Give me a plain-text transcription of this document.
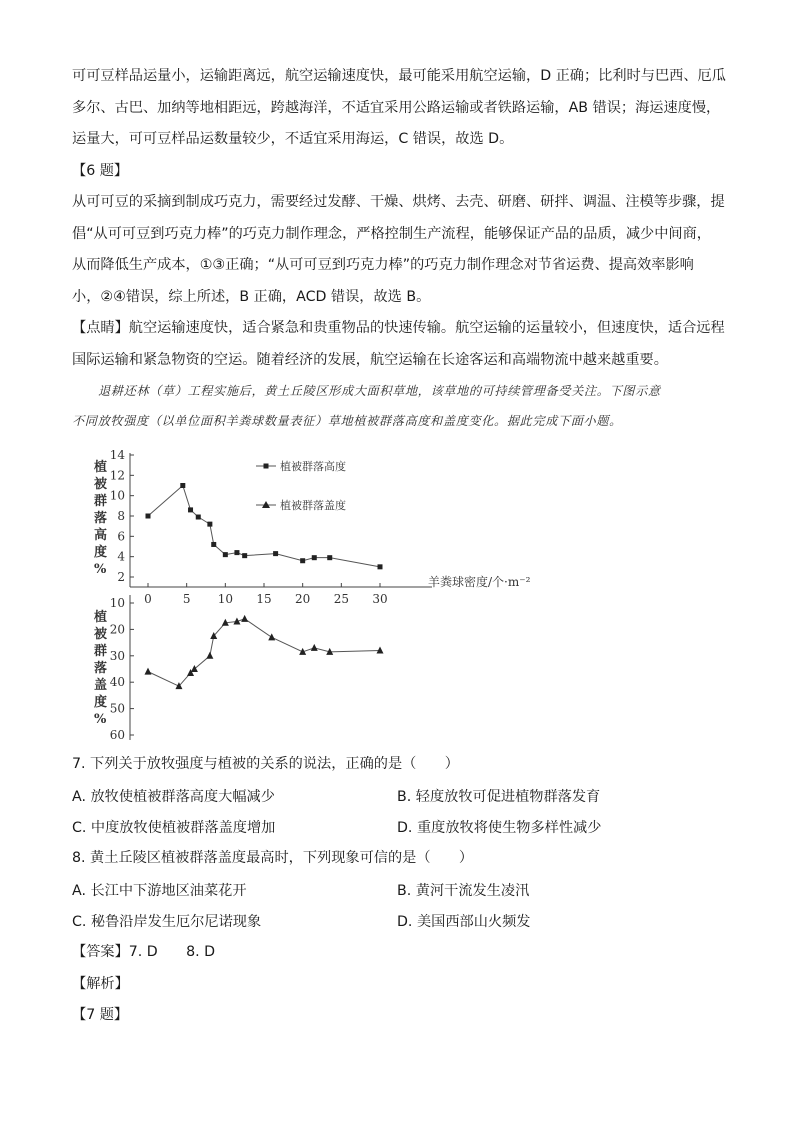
可可豆样品运量小，运输距离远，航空运输速度快，最可能采用航空运输，D 正确；比利时与巴西、厄瓜
多尔、古巴、加纳等地相距远，跨越海洋，不适宜采用公路运输或者铁路运输，AB 错误；海运速度慢，
运量大，可可豆样品运数量较少，不适宜采用海运，C 错误，故选 D。
【6 题】
从可可豆的采摘到制成巧克力，需要经过发酵、干燥、烘烤、去壳、研磨、研拌、调温、注模等步骤，提
倡“从可可豆到巧克力棒”的巧克力制作理念，严格控制生产流程，能够保证产品的品质，减少中间商，
从而降低生产成本，①③正确；“从可可豆到巧克力棒”的巧克力制作理念对节省运费、提高效率影响
小，②④错误，综上所述，B 正确，ACD 错误，故选 B。
【点睛】航空运输速度快，适合紧急和贵重物品的快速传输。航空运输的运量较小，但速度快，适合远程
国际运输和紧急物资的空运。随着经济的发展，航空运输在长途客运和高端物流中越来越重要。
退耕还林（草）工程实施后，黄土丘陵区形成大面积草地，该草地的可持续管理备受关注。下图示意
不同放牧强度（以单位面积羊粪球数量表征）草地植被群落高度和盖度变化。据此完成下面小题。
2
4
6
8
10
12
14
植
被
群
落
高
度
%
植被群落高度
植被群落盖度
10
20
30
40
50
60
植
被
群
落
盖
度
%
0	5 10 15 20 25 30
羊粪球密度/个·m⁻²
7. 下列关于放牧强度与植被的关系的说法，正确的是（　　）
A. 放牧使植被群落高度大幅减少	B. 轻度放牧可促进植物群落发育
C. 中度放牧使植被群落盖度增加	D. 重度放牧将使生物多样性减少
8. 黄土丘陵区植被群落盖度最高时，下列现象可信的是（　　）
A. 长江中下游地区油菜花开	B. 黄河干流发生凌汛
C. 秘鲁沿岸发生厄尔尼诺现象	D. 美国西部山火频发
【答案】7. D　　8. D
【解析】
【7 题】
